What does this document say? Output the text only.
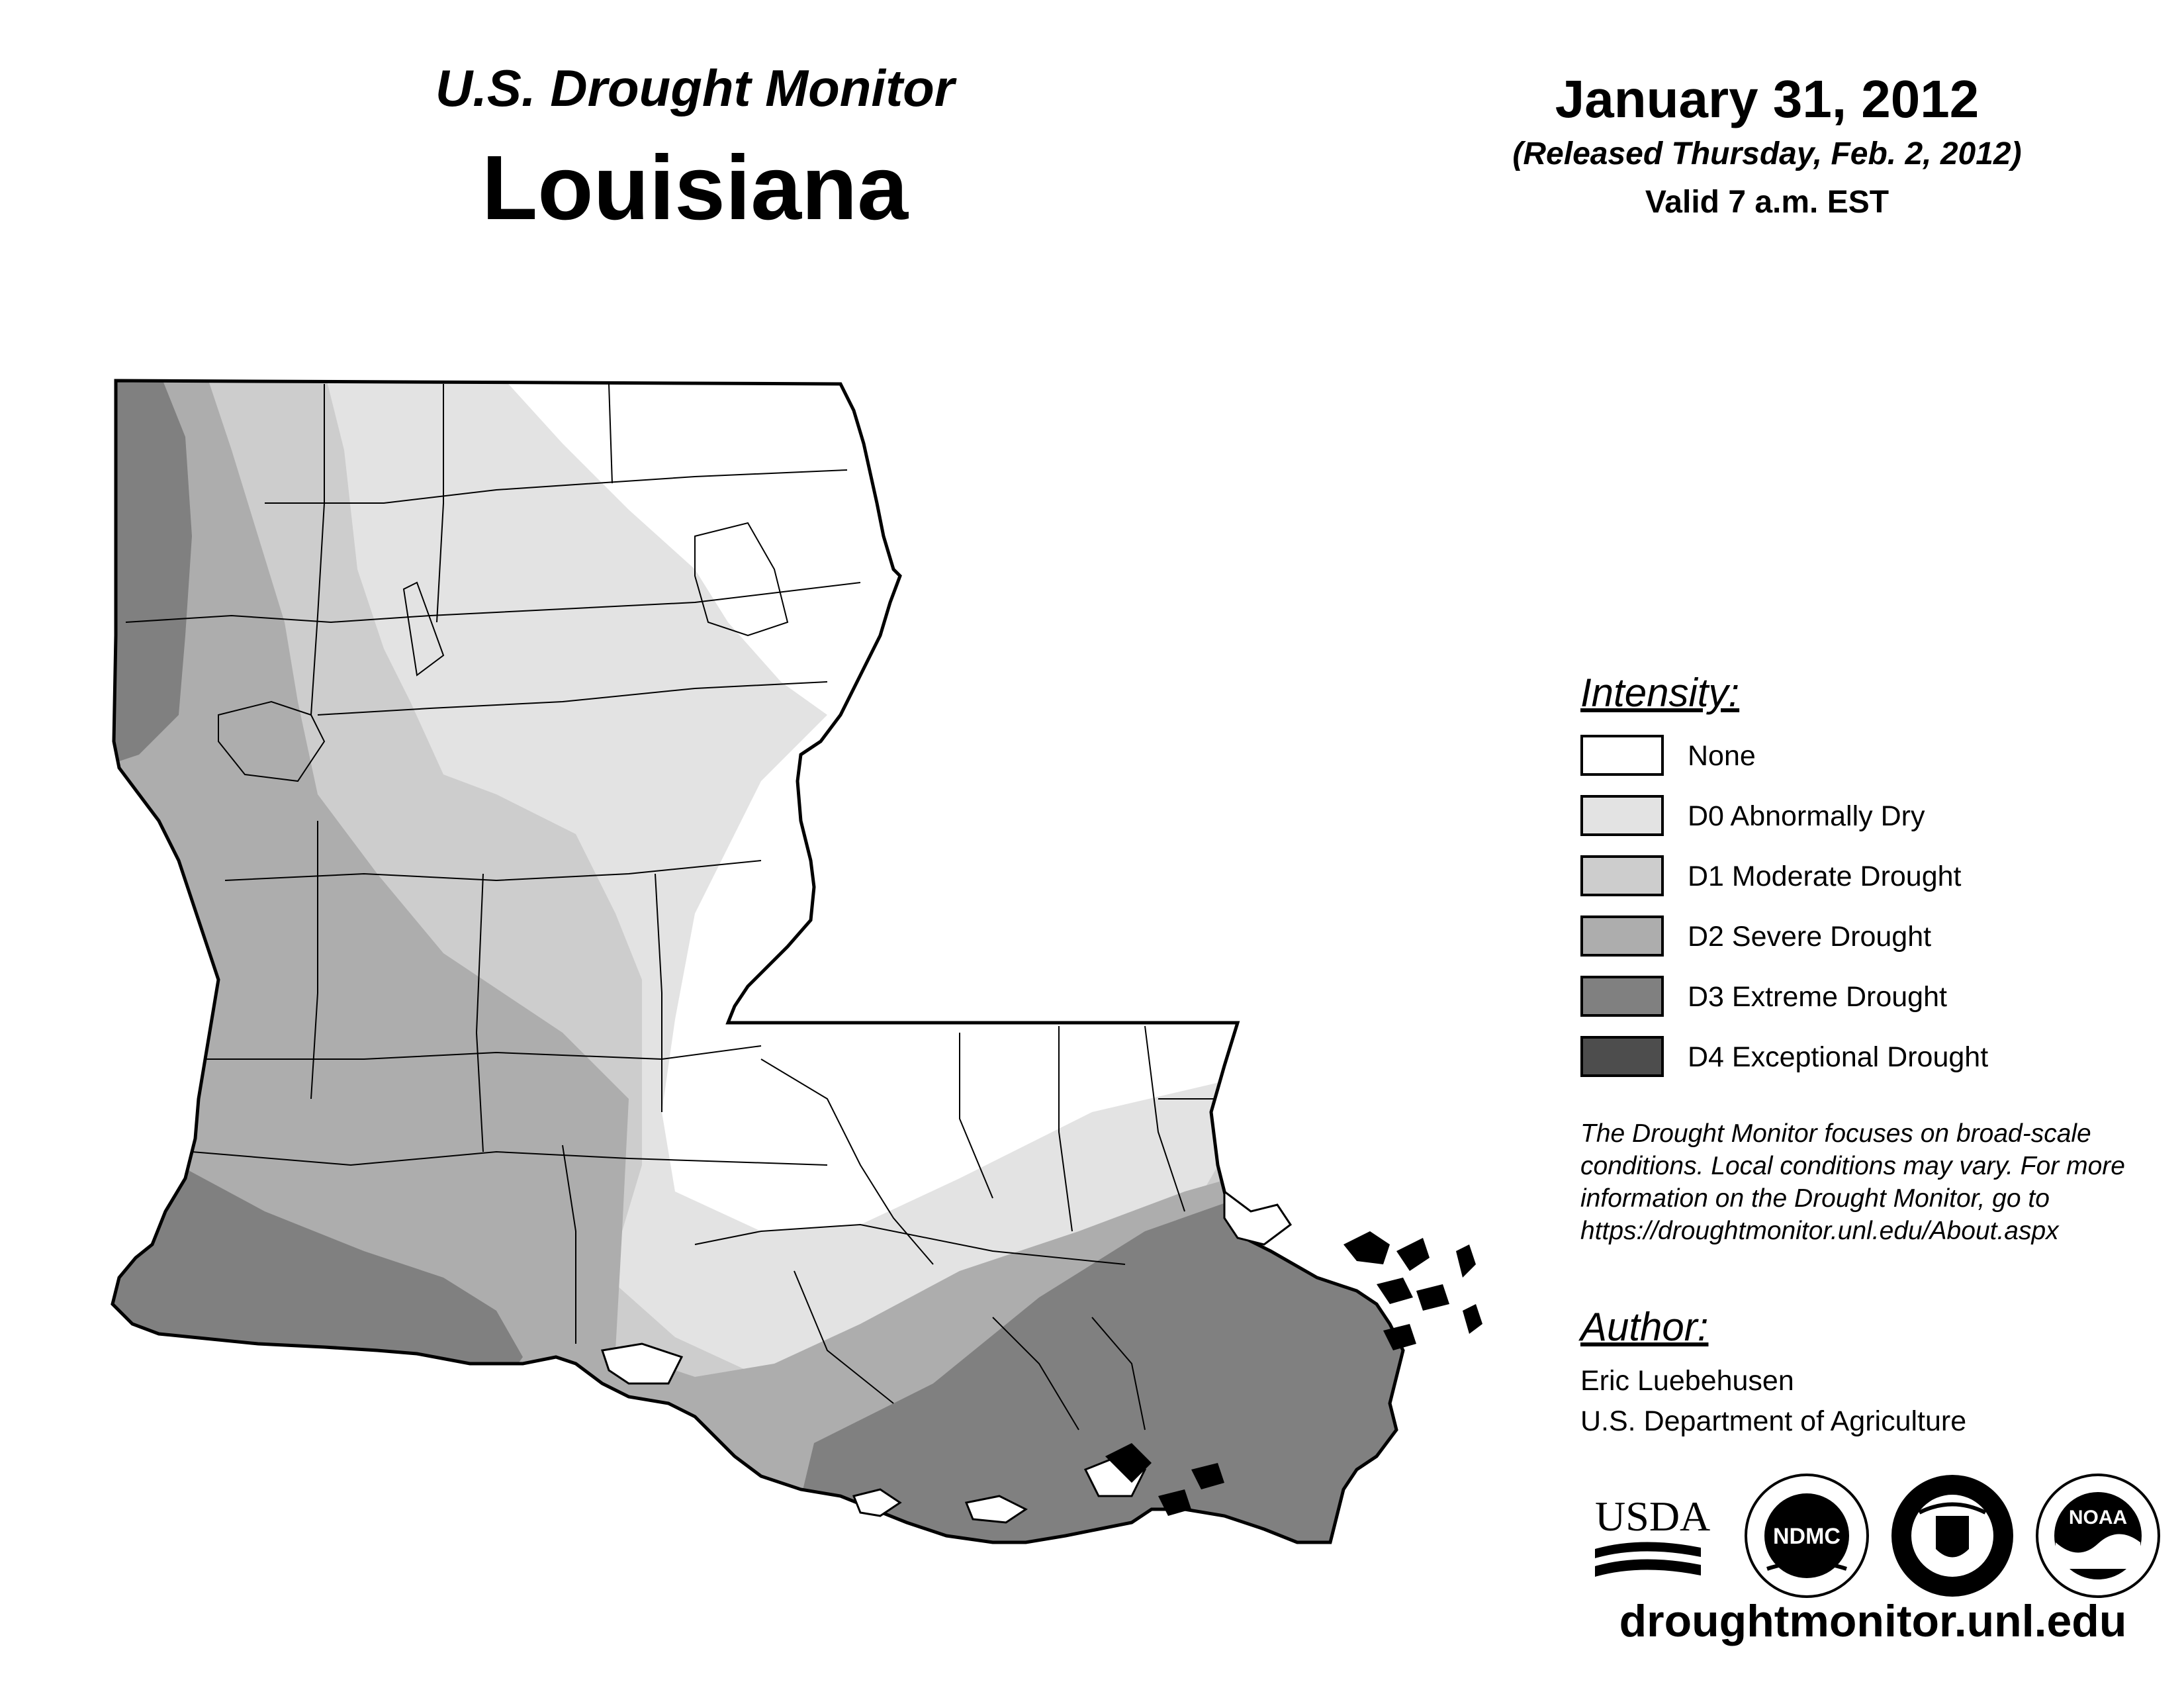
U.S. Drought Monitor
Louisiana
January 31, 2012
(Released Thursday, Feb. 2, 2012)
Valid 7 a.m. EST
Intensity:
None
D0 Abnormally Dry
D1 Moderate Drought
D2 Severe Drought
D3 Extreme Drought
D4 Exceptional Drought
The Drought Monitor focuses on broad-scale conditions. Local conditions may vary. For more information on the Drought Monitor, go to https://droughtmonitor.unl.edu/About.aspx
Author:
Eric Luebehusen
U.S. Department of Agriculture
USDA	NDMC
NOAA
droughtmonitor.unl.edu
